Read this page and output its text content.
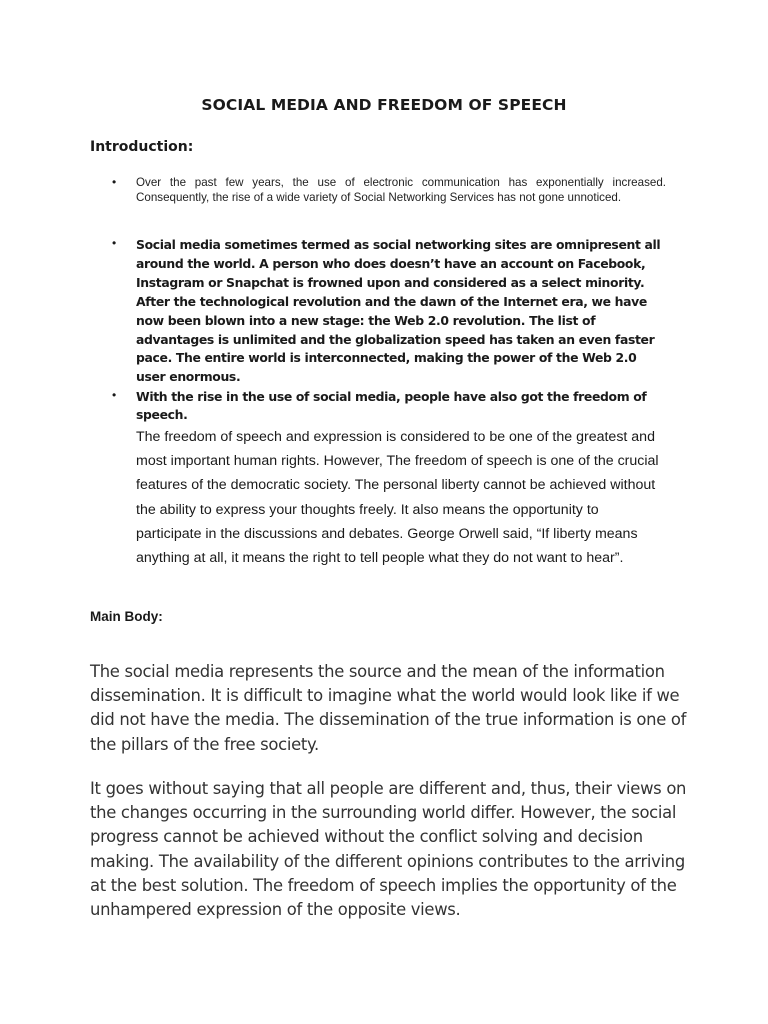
SOCIAL MEDIA AND FREEDOM OF SPEECH
Introduction:
• Over the past few years, the use of electronic communication has exponentially increased. Consequently, the rise of a wide variety of Social Networking Services has not gone unnoticed.
• Social media sometimes termed as social networking sites are omnipresent all around the world. A person who does doesn’t have an account on Facebook, Instagram or Snapchat is frowned upon and considered as a select minority. After the technological revolution and the dawn of the Internet era, we have now been blown into a new stage: the Web 2.0 revolution. The list of advantages is unlimited and the globalization speed has taken an even faster pace. The entire world is interconnected, making the power of the Web 2.0 user enormous.
• With the rise in the use of social media, people have also got the freedom of speech.
The freedom of speech and expression is considered to be one of the greatest and most important human rights. However, The freedom of speech is one of the crucial features of the democratic society. The personal liberty cannot be achieved without the ability to express your thoughts freely. It also means the opportunity to participate in the discussions and debates. George Orwell said, “If liberty means anything at all, it means the right to tell people what they do not want to hear”.
Main Body:
The social media represents the source and the mean of the information dissemination. It is difficult to imagine what the world would look like if we did not have the media. The dissemination of the true information is one of the pillars of the free society.
It goes without saying that all people are different and, thus, their views on the changes occurring in the surrounding world differ. However, the social progress cannot be achieved without the conflict solving and decision making. The availability of the different opinions contributes to the arriving at the best solution. The freedom of speech implies the opportunity of the unhampered expression of the opposite views.
